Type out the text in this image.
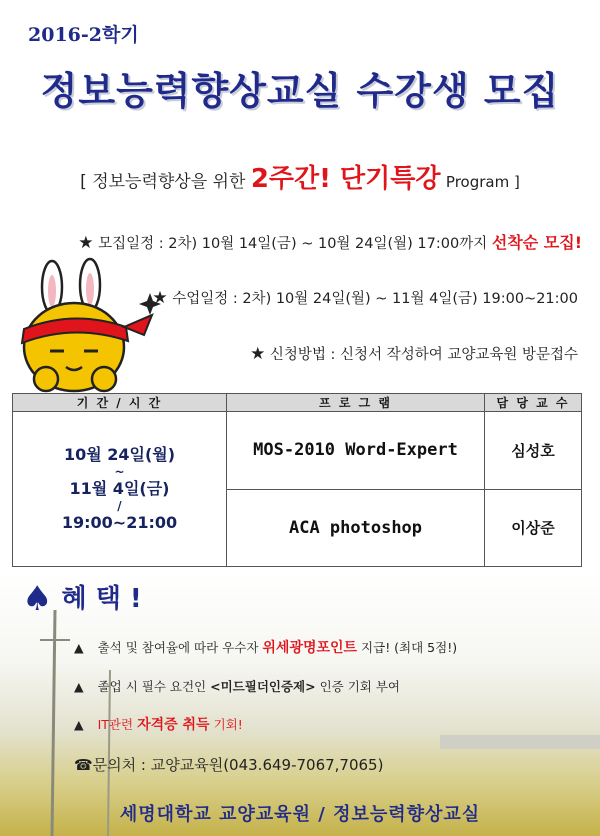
2016-2학기
정보능력향상교실 수강생 모집
[ 정보능력향상을 위한 2주간! 단기특강 Program ]
★ 모집일정 : 2차) 10월 14일(금) ~ 10월 24일(월) 17:00까지 선착순 모집!
★ 수업일정 : 2차) 10월 24일(월) ~ 11월 4일(금) 19:00~21:00
★ 신청방법 : 신청서 작성하여 교양교육원 방문접수
기 간 / 시 간	프 로 그 램	담 당 교 수

10월 24일(월)
~
11월 4일(금)
/
19:00~21:00	MOS-2010 Word-Expert	심성호
	ACA photoshop	이상준
♠ 혜 택 !
▲ 출석 및 참여율에 따라 우수자 위세광명포인트 지급! (최대 5점!)
▲ 졸업 시 필수 요건인 <미드필더인증제> 인증 기회 부여
▲ IT관련 자격증 취득 기회!
☎문의처 : 교양교육원(043.649-7067,7065)
세명대학교 교양교육원 / 정보능력향상교실
